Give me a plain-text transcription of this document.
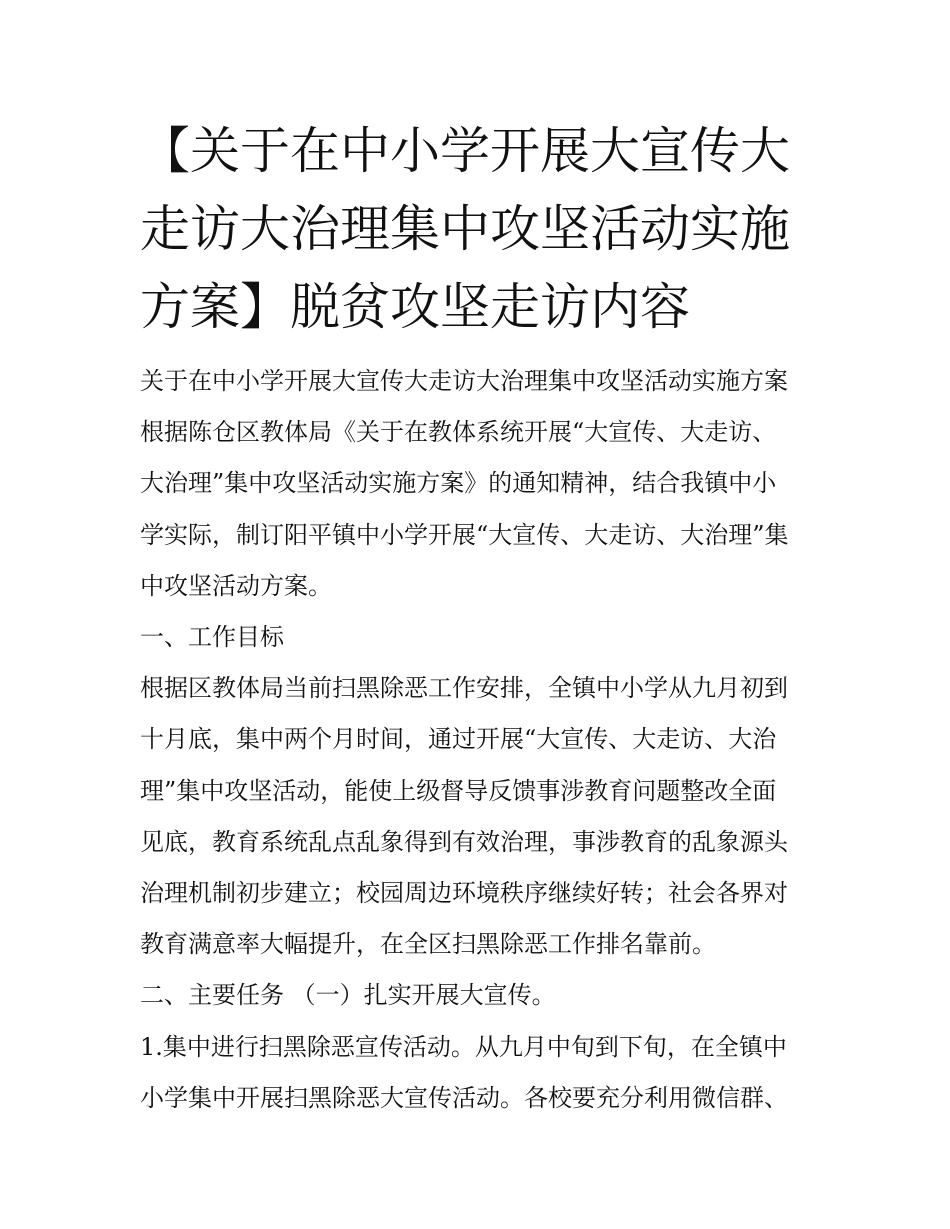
【关于在中小学开展大宣传大
走访大治理集中攻坚活动实施
方案】脱贫攻坚走访内容
关于在中小学开展大宣传大走访大治理集中攻坚活动实施方案
根据陈仓区教体局《关于在教体系统开展“大宣传、大走访、
大治理”集中攻坚活动实施方案》的通知精神，结合我镇中小
学实际，制订阳平镇中小学开展“大宣传、大走访、大治理”集
中攻坚活动方案。
一、工作目标
根据区教体局当前扫黑除恶工作安排，全镇中小学从九月初到
十月底，集中两个月时间，通过开展“大宣传、大走访、大治
理”集中攻坚活动，能使上级督导反馈事涉教育问题整改全面
见底，教育系统乱点乱象得到有效治理，事涉教育的乱象源头
治理机制初步建立；校园周边环境秩序继续好转；社会各界对
教育满意率大幅提升，在全区扫黑除恶工作排名靠前。
二、主要任务 （一）扎实开展大宣传。
1.集中进行扫黑除恶宣传活动。从九月中旬到下旬，在全镇中
小学集中开展扫黑除恶大宣传活动。各校要充分利用微信群、
